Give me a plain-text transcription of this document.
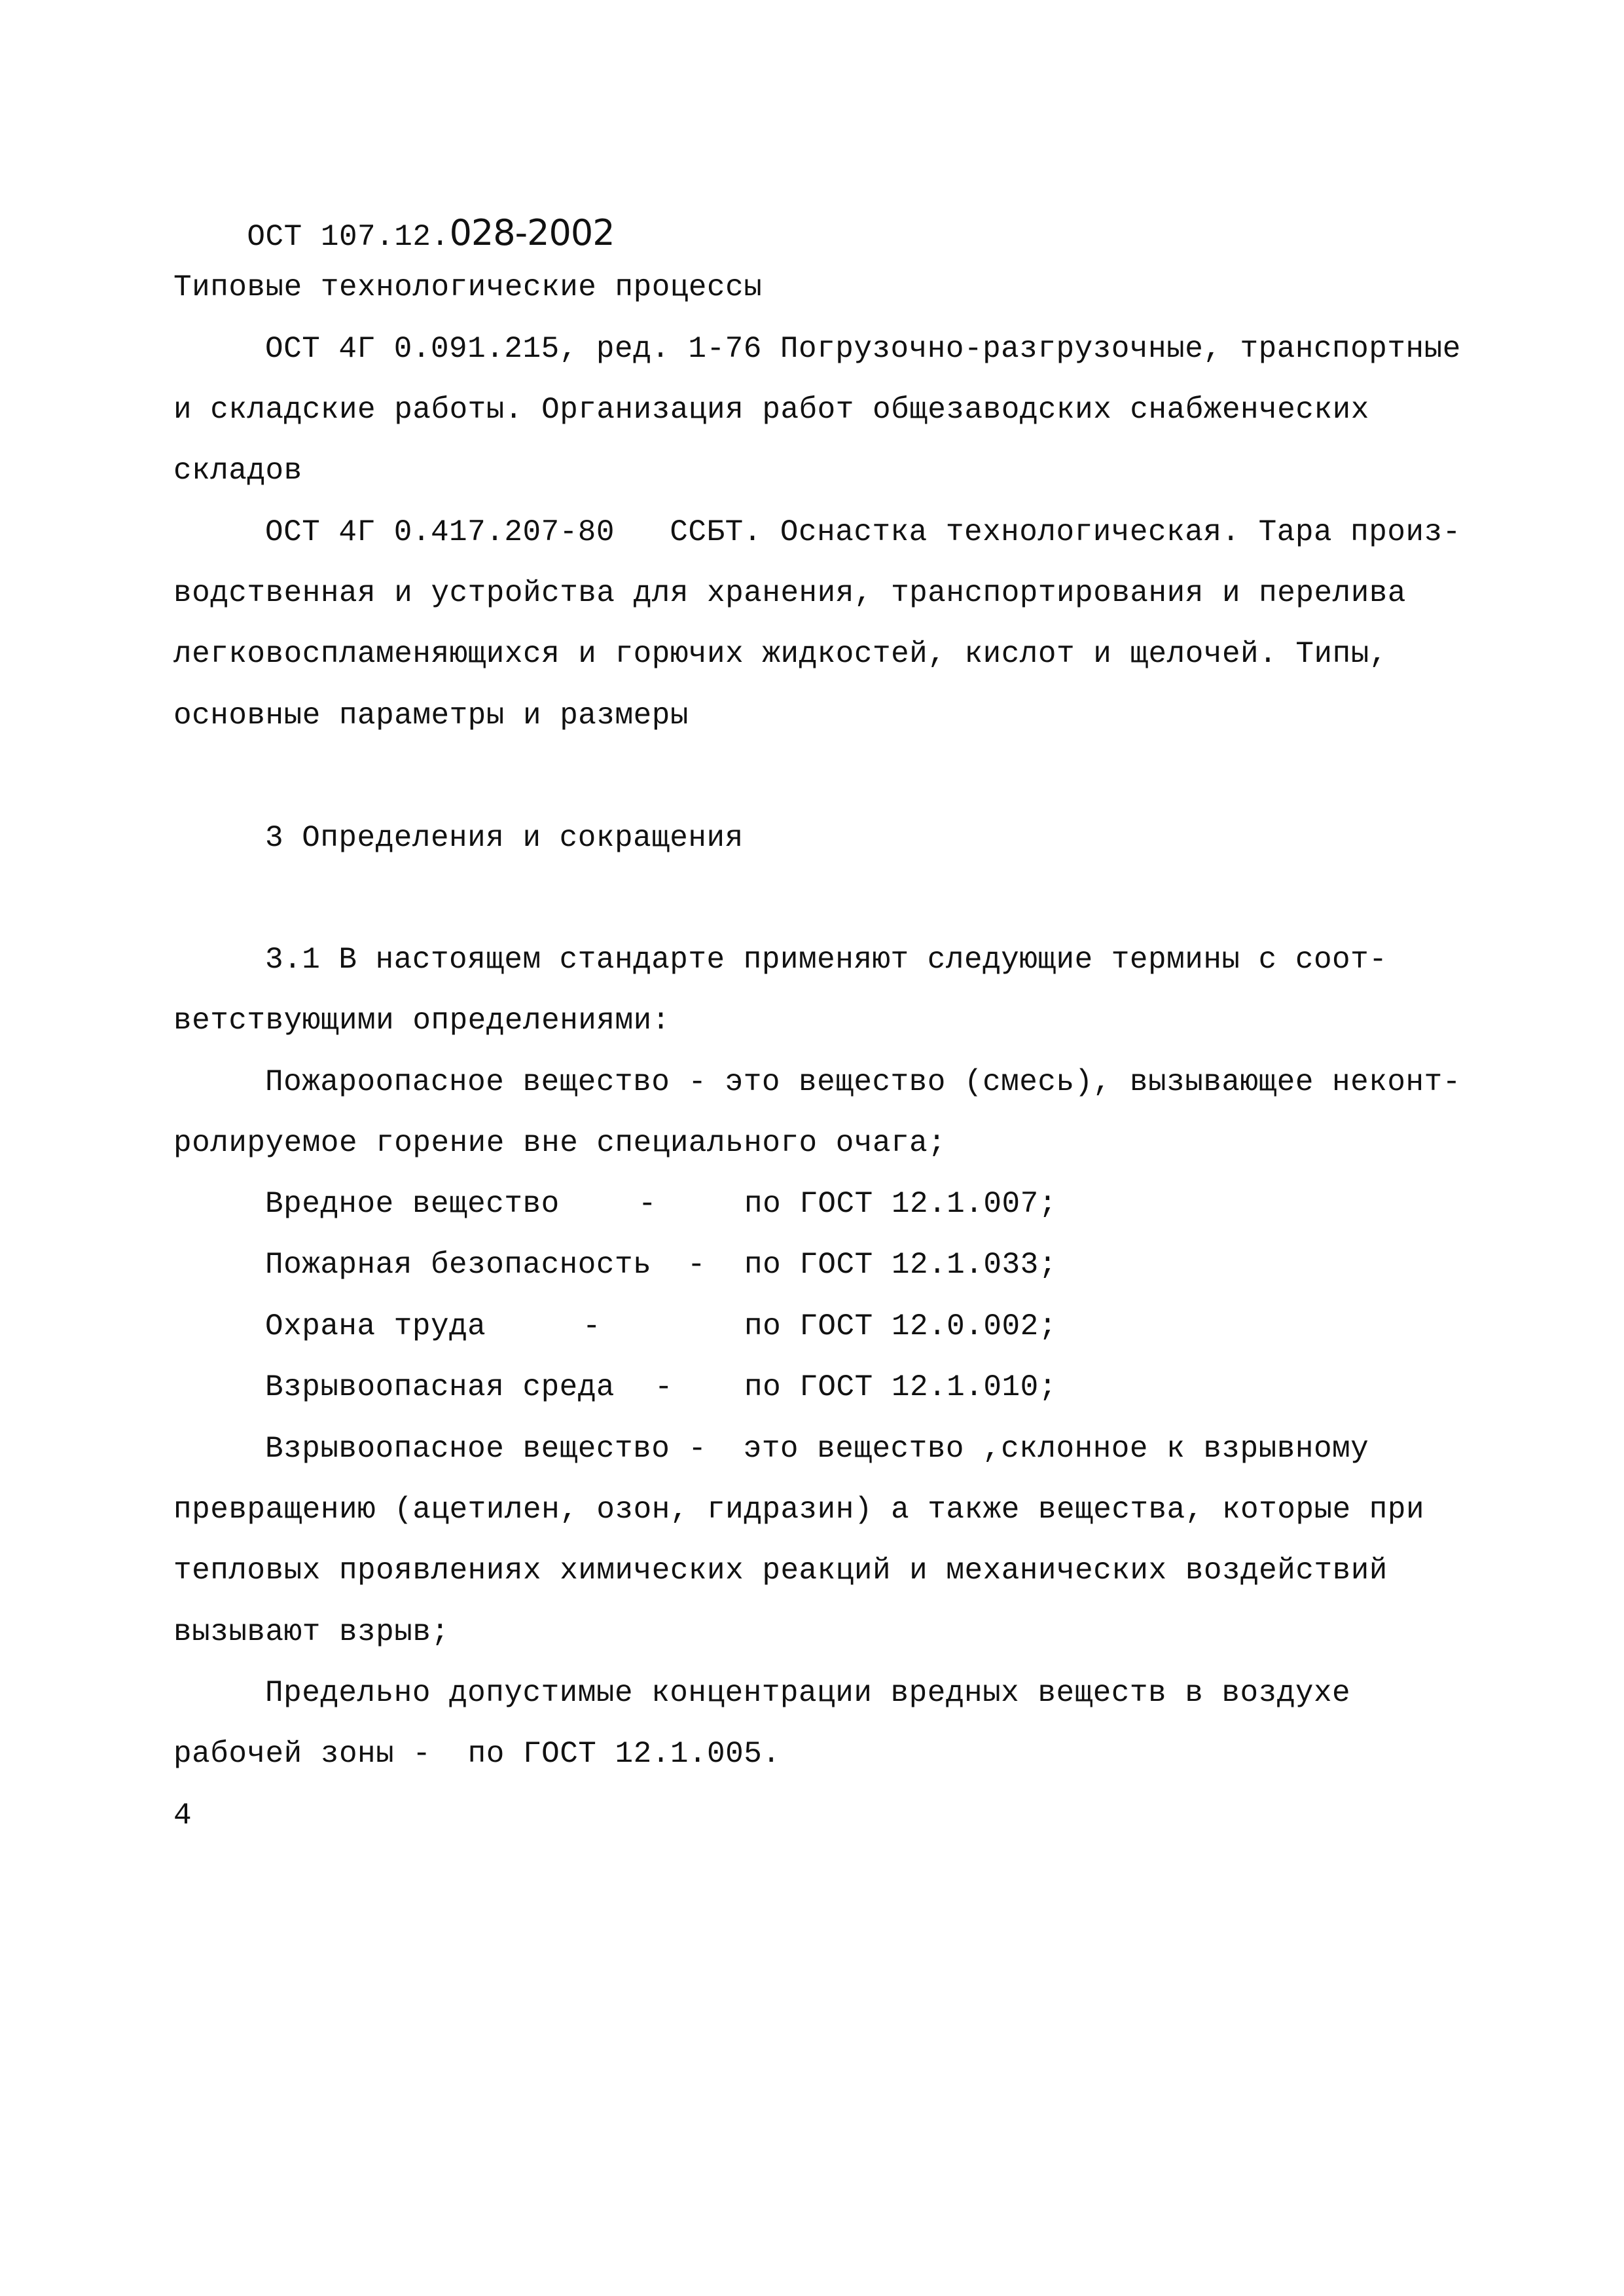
ОСТ 107.12.028-2002

Типовые технологические процессы
ОСТ 4Г 0.091.215, ред. 1-76 Погрузочно-разгрузочные, транспортные
и складские работы. Организация работ общезаводских снабженческих
складов
ОСТ 4Г 0.417.207-80   ССБТ. Оснастка технологическая. Тара произ-
водственная и устройства для хранения, транспортирования и перелива
легковоспламеняющихся и горючих жидкостей, кислот и щелочей. Типы,
основные параметры и размеры
3 Определения и сокращения
3.1 В настоящем стандарте применяют следующие термины с соот-
ветствующими определениями:
Пожароопасное вещество - это вещество (смесь), вызывающее неконт-
ролируемое горение вне специального очага;
Вредное вещество	-	по ГОСТ 12.1.007;
Пожарная безопасность - по ГОСТ 12.1.033;
Охрана труда	-	по ГОСТ 12.0.002;
Взрывоопасная среда - по ГОСТ 12.1.010;
Взрывоопасное вещество -  это вещество ,склонное к взрывному
превращению (ацетилен, озон, гидразин) а также вещества, которые при
тепловых проявлениях химических реакций и механических воздействий
вызывают взрыв;
Предельно допустимые концентрации вредных веществ в воздухе
рабочей зоны -  по ГОСТ 12.1.005.
4
